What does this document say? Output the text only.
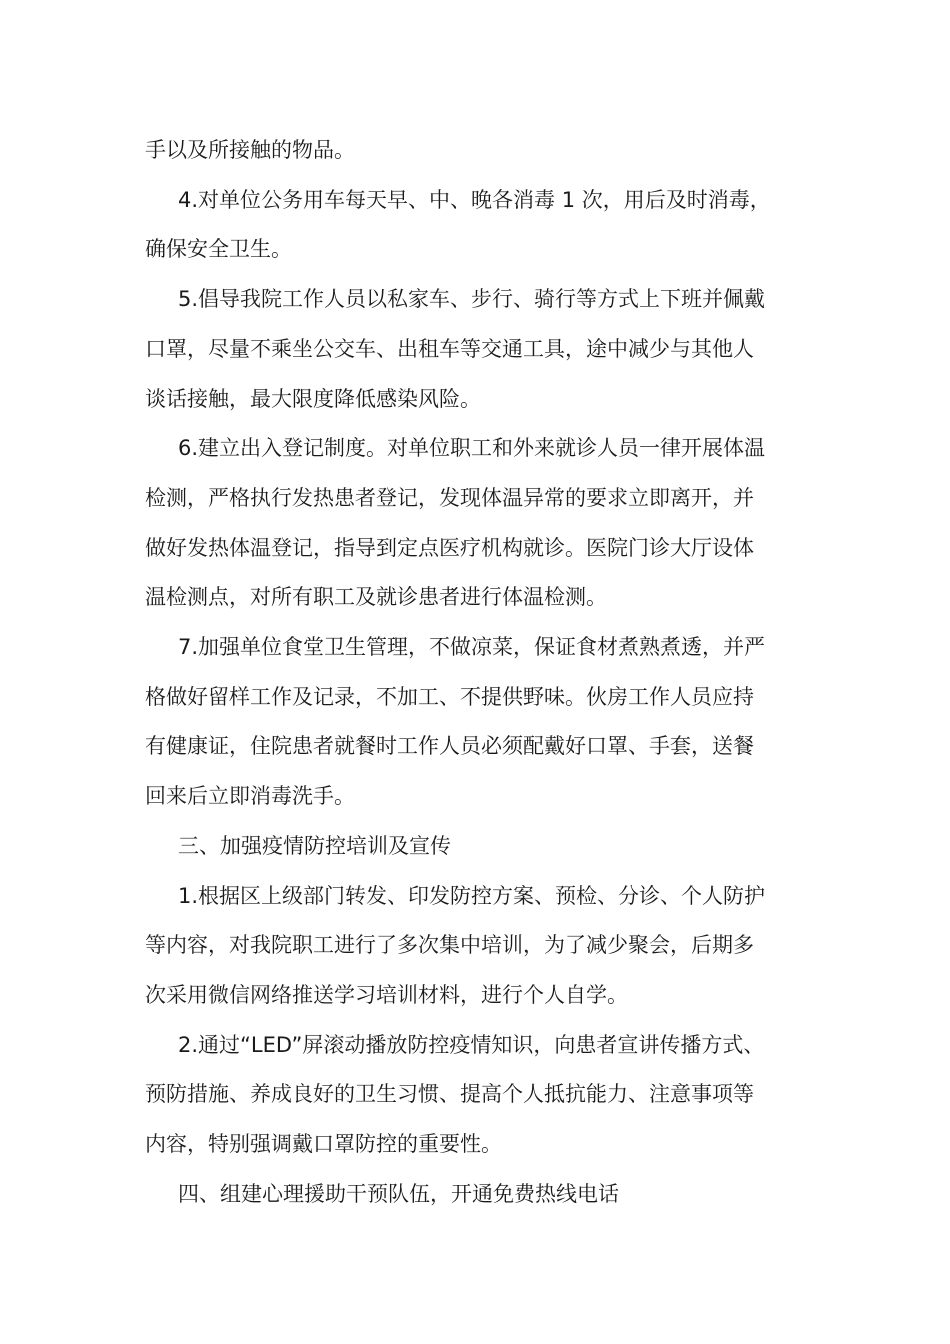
手以及所接触的物品。

4.对单位公务用车每天早、中、晚各消毒 1 次，用后及时消毒，
确保安全卫生。

5.倡导我院工作人员以私家车、步行、骑行等方式上下班并佩戴
口罩，尽量不乘坐公交车、出租车等交通工具，途中减少与其他人
谈话接触，最大限度降低感染风险。

6.建立出入登记制度。对单位职工和外来就诊人员一律开展体温
检测，严格执行发热患者登记，发现体温异常的要求立即离开，并
做好发热体温登记，指导到定点医疗机构就诊。医院门诊大厅设体
温检测点，对所有职工及就诊患者进行体温检测。

7.加强单位食堂卫生管理，不做凉菜，保证食材煮熟煮透，并严
格做好留样工作及记录，不加工、不提供野味。伙房工作人员应持
有健康证，住院患者就餐时工作人员必须配戴好口罩、手套，送餐
回来后立即消毒洗手。

三、加强疫情防控培训及宣传

1.根据区上级部门转发、印发防控方案、预检、分诊、个人防护
等内容，对我院职工进行了多次集中培训，为了减少聚会，后期多
次采用微信网络推送学习培训材料，进行个人自学。

2.通过“LED”屏滚动播放防控疫情知识，向患者宣讲传播方式、
预防措施、养成良好的卫生习惯、提高个人抵抗能力、注意事项等
内容，特别强调戴口罩防控的重要性。

四、组建心理援助干预队伍，开通免费热线电话
